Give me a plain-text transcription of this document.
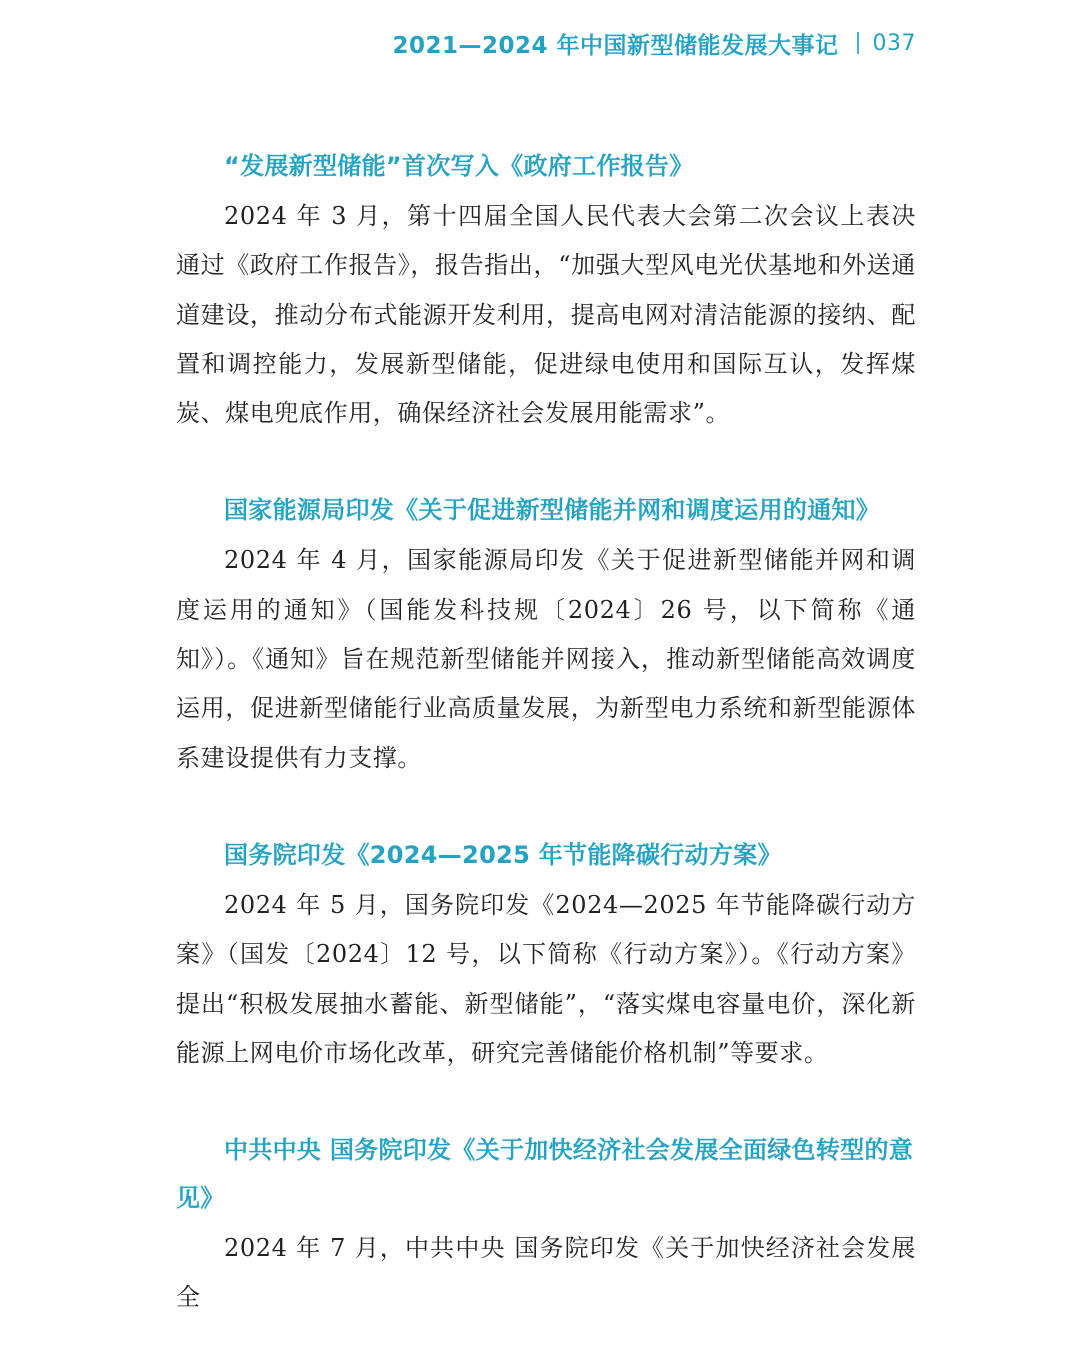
2021—2024 年中国新型储能发展大事记 037
“发展新型储能”首次写入《政府工作报告》

2024 年 3 月，第十四届全国人民代表大会第二次会议上表决通过《政府工作报告》，报告指出，“加强大型风电光伏基地和外送通道建设，推动分布式能源开发利用，提高电网对清洁能源的接纳、配置和调控能力，发展新型储能，促进绿电使用和国际互认，发挥煤炭、煤电兜底作用，确保经济社会发展用能需求”。

国家能源局印发《关于促进新型储能并网和调度运用的通知》

2024 年 4 月，国家能源局印发《关于促进新型储能并网和调度运用的通知》（国能发科技规〔2024〕26 号，以下简称《通知》）。《通知》旨在规范新型储能并网接入，推动新型储能高效调度运用，促进新型储能行业高质量发展，为新型电力系统和新型能源体系建设提供有力支撑。

国务院印发《2024—2025 年节能降碳行动方案》

2024 年 5 月，国务院印发《2024—2025 年节能降碳行动方案》（国发〔2024〕12 号，以下简称《行动方案》）。《行动方案》提出“积极发展抽水蓄能、新型储能”，“落实煤电容量电价，深化新能源上网电价市场化改革，研究完善储能价格机制”等要求。

中共中央 国务院印发《关于加快经济社会发展全面绿色转型的意见》

2024 年 7 月，中共中央 国务院印发《关于加快经济社会发展全
